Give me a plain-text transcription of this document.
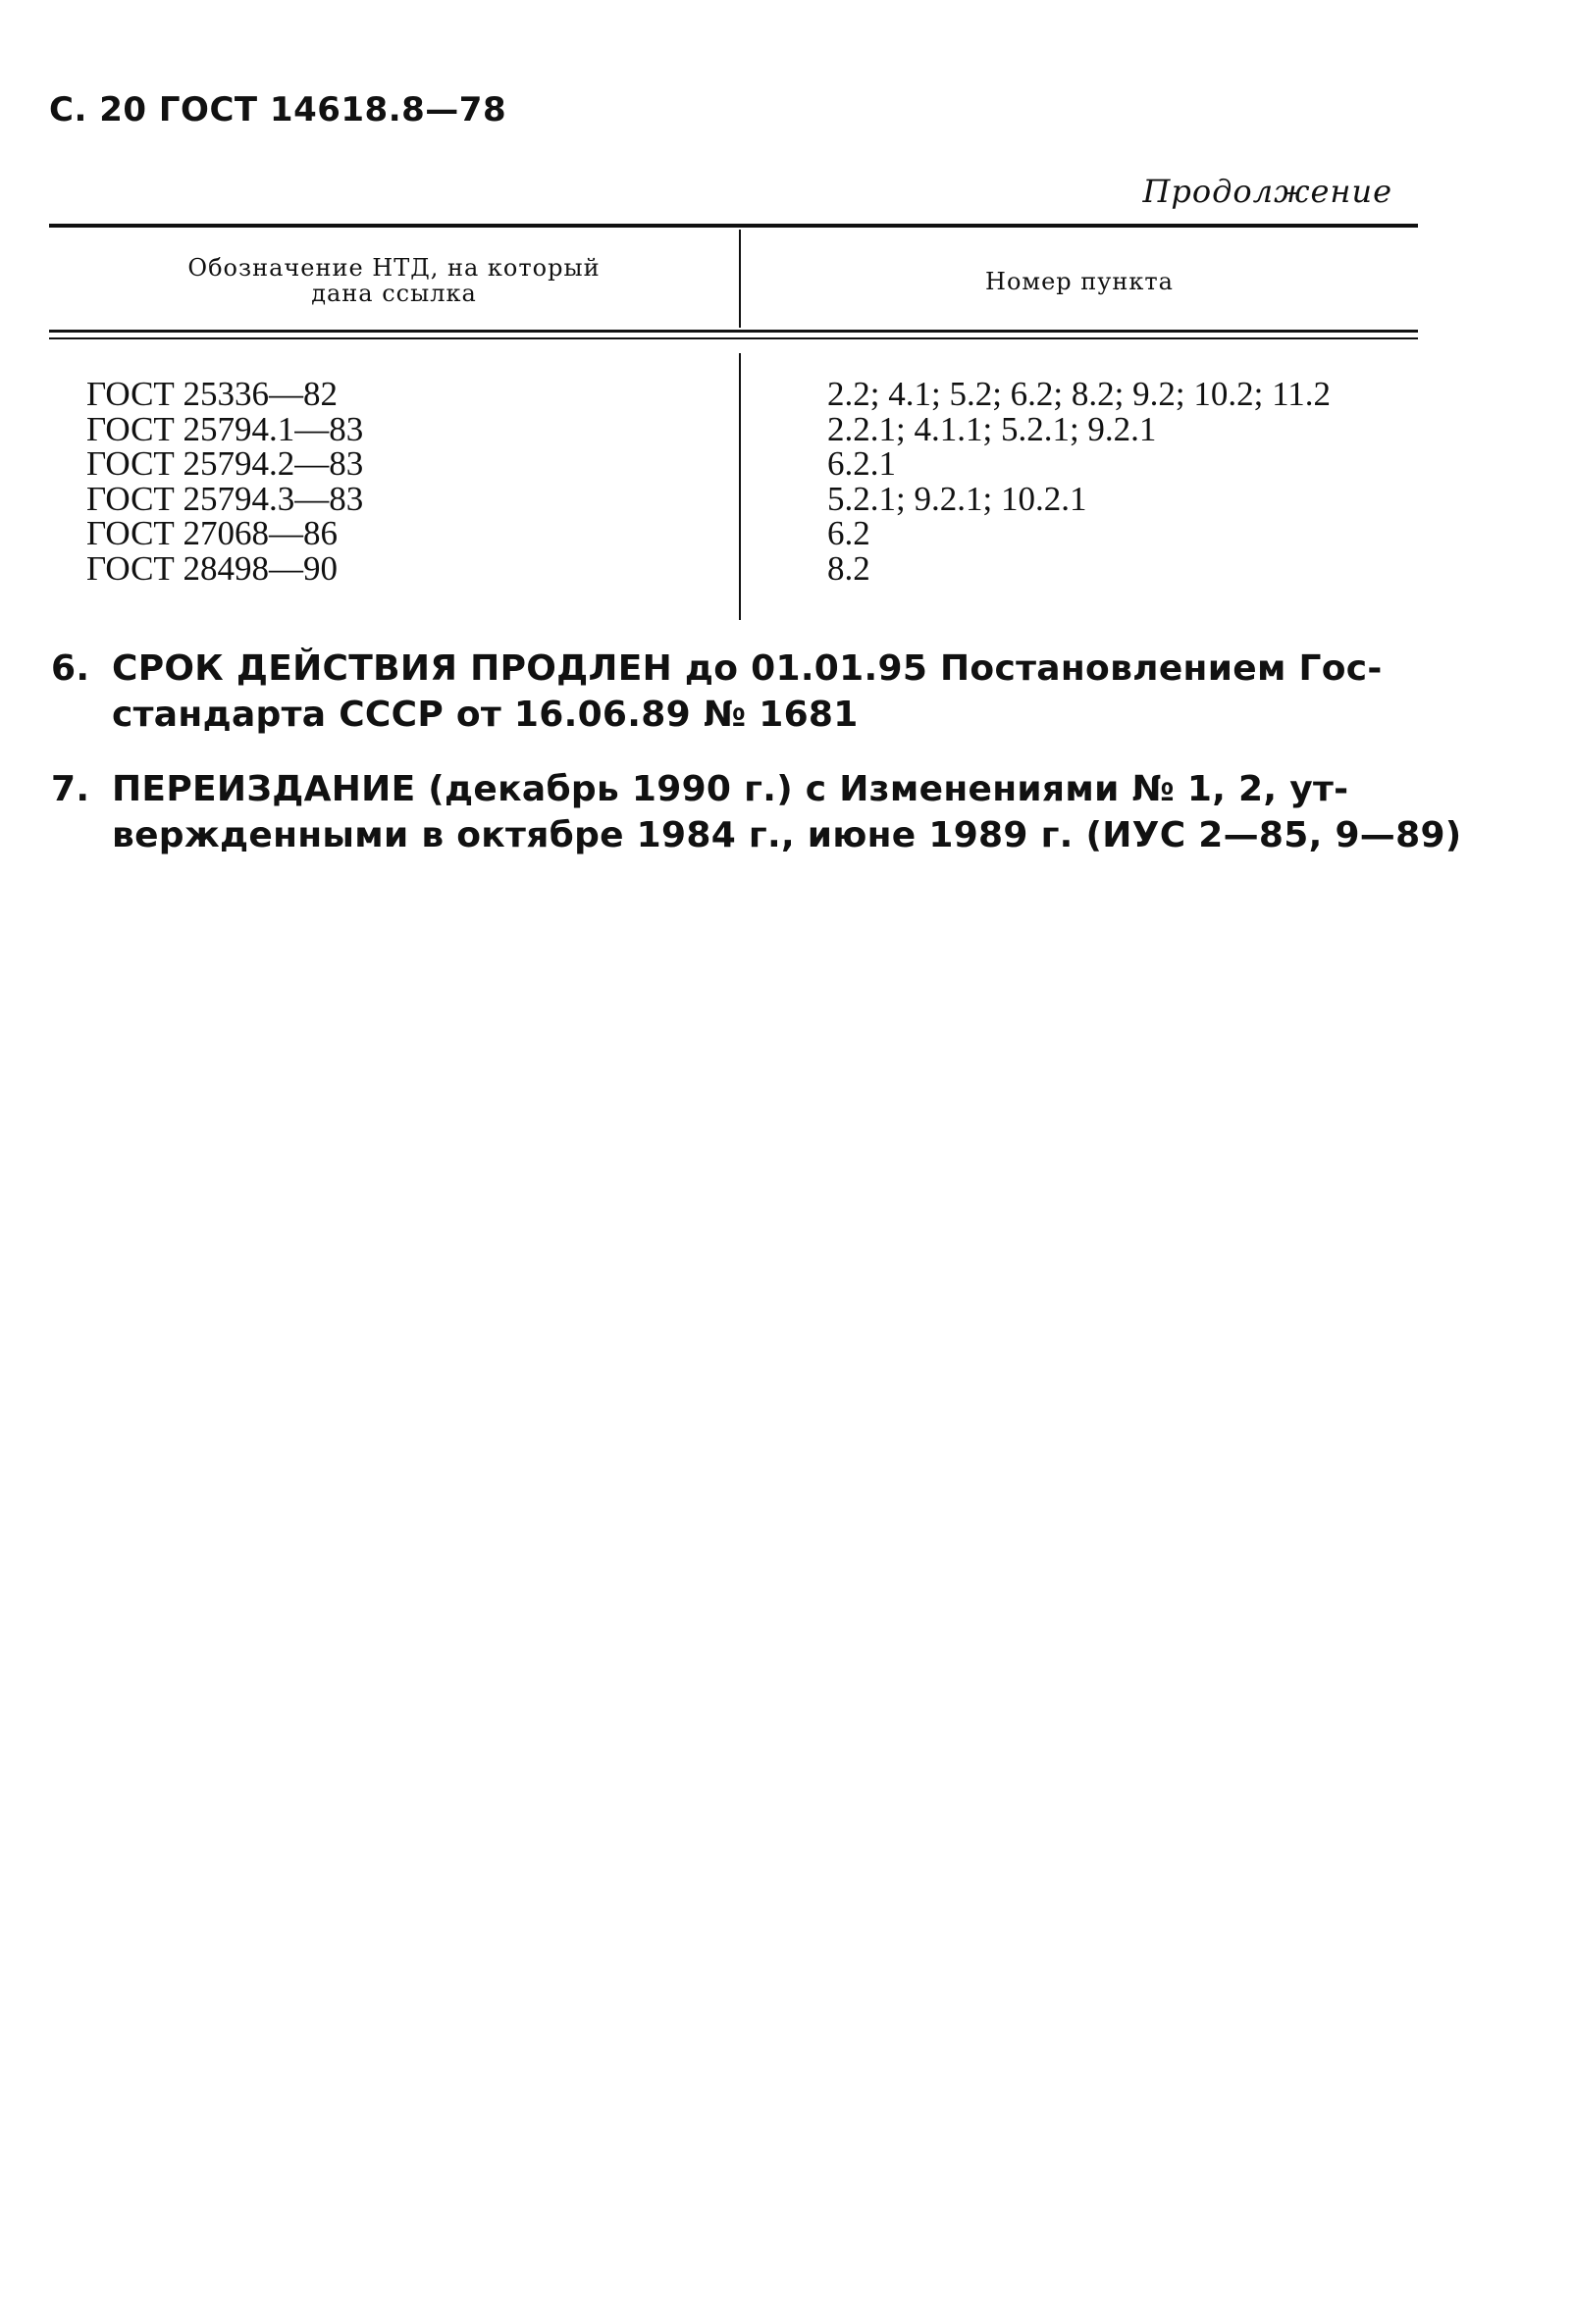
С. 20 ГОСТ 14618.8—78
Продолжение
Обозначение НТД, на который
дана ссылка	Номер пункта
ГОСТ 25336—82
ГОСТ 25794.1—83
ГОСТ 25794.2—83
ГОСТ 25794.3—83
ГОСТ 27068—86
ГОСТ 28498—90
2.2; 4.1; 5.2; 6.2; 8.2; 9.2; 10.2; 11.2
2.2.1; 4.1.1; 5.2.1; 9.2.1
6.2.1
5.2.1; 9.2.1; 10.2.1
6.2
8.2
6. СРОК ДЕЙСТВИЯ ПРОДЛЕН до 01.01.95 Постановлением Гос-
стандарта СССР от 16.06.89 № 1681
7. ПЕРЕИЗДАНИЕ (декабрь 1990 г.) с Изменениями № 1, 2, ут-
вержденными в октябре 1984 г., июне 1989 г. (ИУС 2—85, 9—89)
